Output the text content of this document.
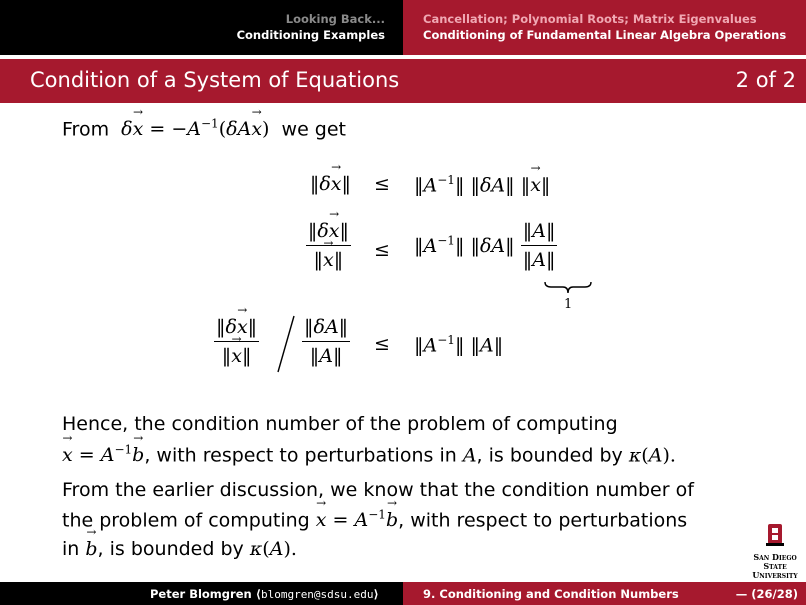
Looking Back...
Conditioning Examples
Cancellation; Polynomial Roots; Matrix Eigenvalues
Conditioning of Fundamental Linear Algebra Operations
Condition of a System of Equations	2 of 2
From $\delta\to x = -A^{-1}(\delta A\to x)$  we get
‖δ→ x‖ ≤ $‖A^{-1}‖$ ‖δA‖ ‖→ x‖
$\frac{‖\delta\to x‖}{‖\to x‖}$ ≤ $‖A^{-1}‖$ ‖δA‖ $\frac{‖A‖}{‖A‖}$
1
$\frac{‖\delta\to x‖}{‖\to x‖} \frac{‖\delta A‖}{‖A‖}$ ≤ $‖A^{-1}‖$ ‖A‖
Hence, the condition number of the problem of computing
→ $x = A^{-1}\to b$, with respect to perturbations in A, is bounded by κ(A).
From the earlier discussion, we know that the condition number of
the problem of computing → $x = A^{-1}\to b$, with respect to perturbations
in → b, is bounded by κ(A).	San Diego State
University
Peter Blomgren ⟨blomgren@sdsu.edu⟩	9. Conditioning and Condition Numbers	— (26/28)
